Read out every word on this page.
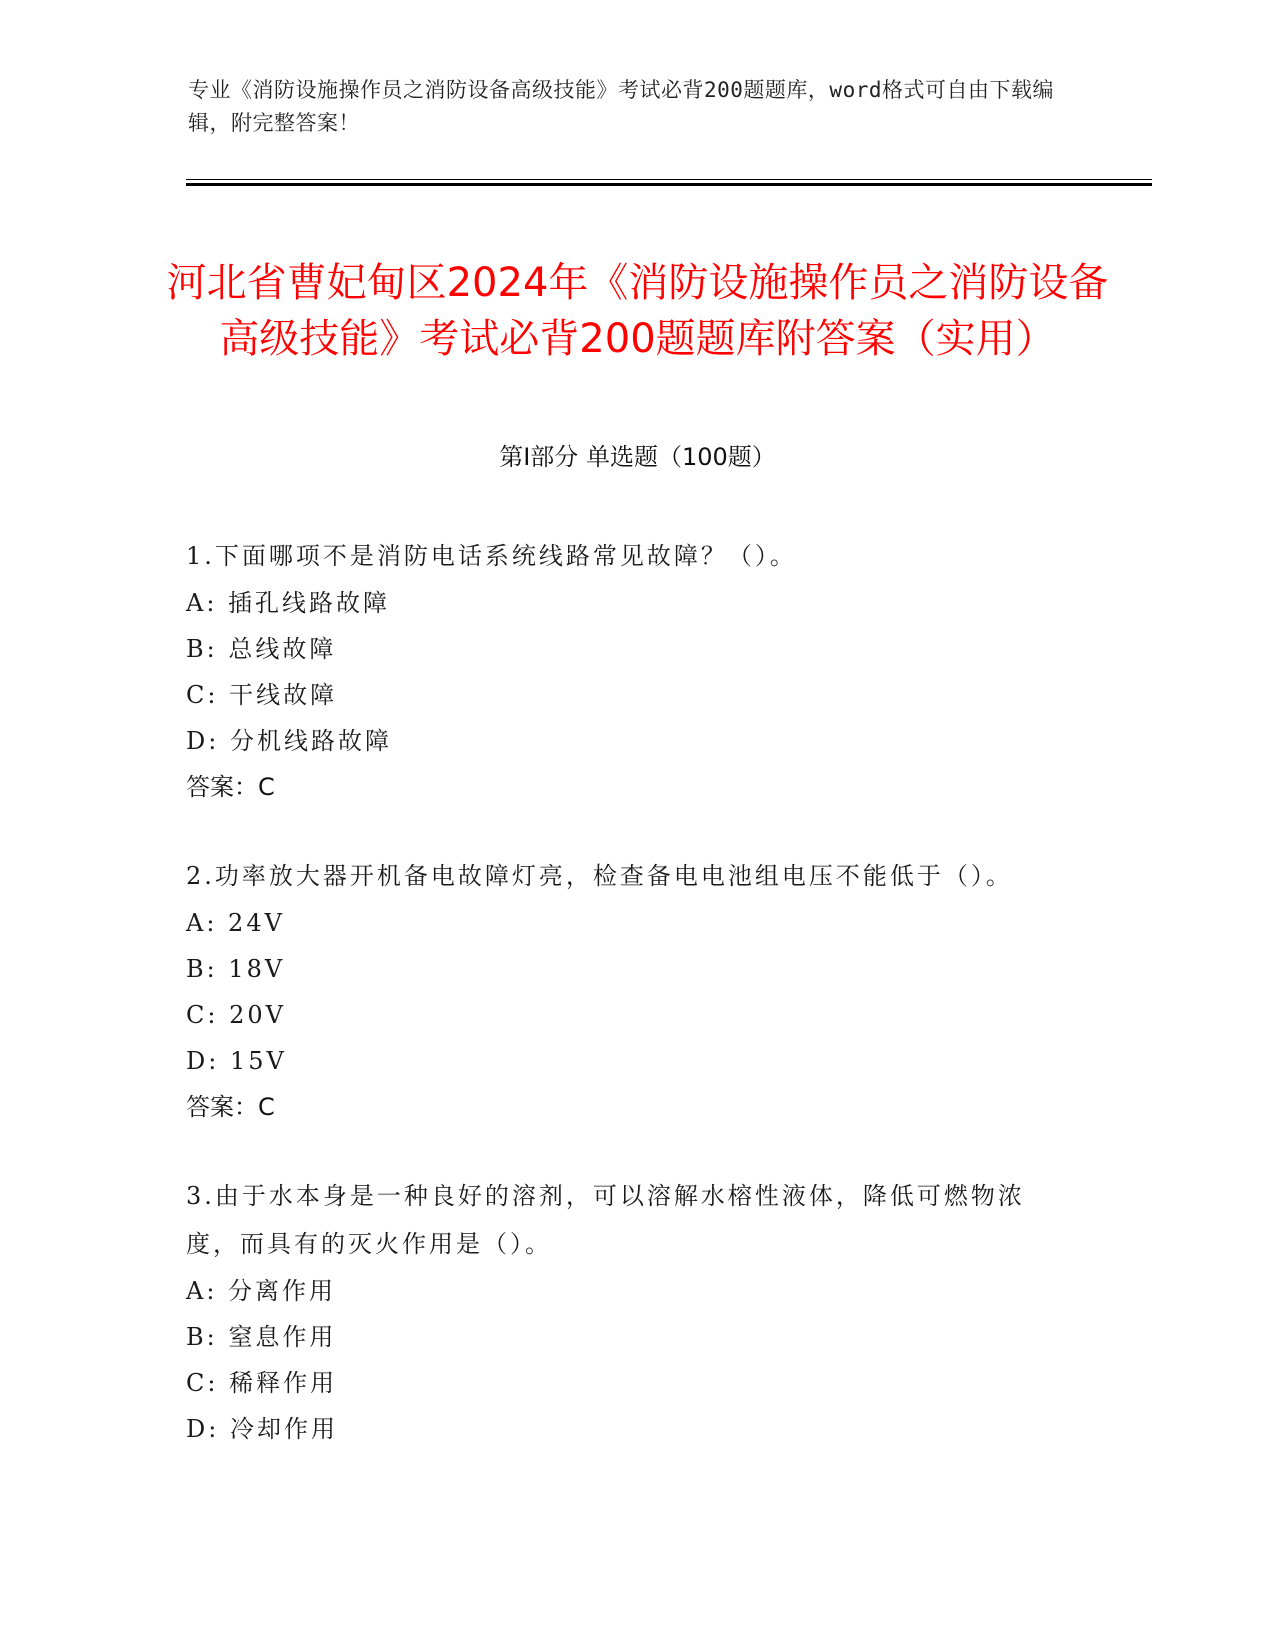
专业《消防设施操作员之消防设备高级技能》考试必背200题题库，word格式可自由下载编辑，附完整答案！
河北省曹妃甸区2024年《消防设施操作员之消防设备高级技能》考试必背200题题库附答案（实用）
第I部分 单选题（100题）

1.下面哪项不是消防电话系统线路常见故障？（）。

A: 插孔线路故障

B: 总线故障

C: 干线故障

D: 分机线路故障

答案：C

2.功率放大器开机备电故障灯亮，检查备电电池组电压不能低于（）。

A: 24V

B: 18V

C: 20V

D: 15V

答案：C

3.由于水本身是一种良好的溶剂，可以溶解水榕性液体，降低可燃物浓度，而具有的灭火作用是（）。

A: 分离作用

B: 窒息作用

C: 稀释作用

D: 冷却作用
